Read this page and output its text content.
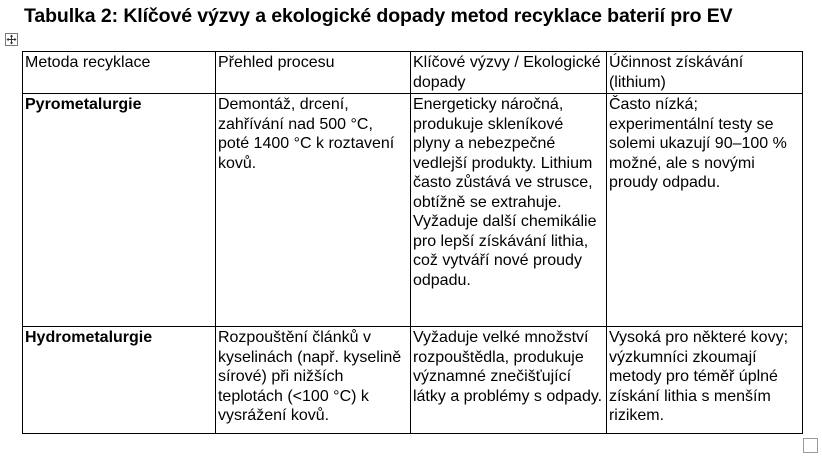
Tabulka 2: Klíčové výzvy a ekologické dopady metod recyklace baterií pro EV
Metoda recyklace	Přehled procesu	Klíčové výzvy / Ekologické dopady	Účinnost získávání (lithium)
Pyrometalurgie	Demontáž, drcení, zahřívání nad 500 °C, poté 1400 °C k roztavení kovů.	Energeticky náročná, produkuje skleníkové plyny a nebezpečné vedlejší produkty. Lithium často zůstává ve strusce, obtížně se extrahuje. Vyžaduje další chemikálie pro lepší získávání lithia, což vytváří nové proudy odpadu.	Často nízká; experimentální testy se solemi ukazují 90–100 % možné, ale s novými proudy odpadu.
Hydrometalurgie	Rozpouštění článků v kyselinách (např. kyselině sírové) při nižších teplotách (<100 °C) k vysrážení kovů.	Vyžaduje velké množství rozpouštědla, produkuje významné znečišťující látky a problémy s odpady.	Vysoká pro některé kovy; výzkumníci zkoumají metody pro téměř úplné získání lithia s menším rizikem.
